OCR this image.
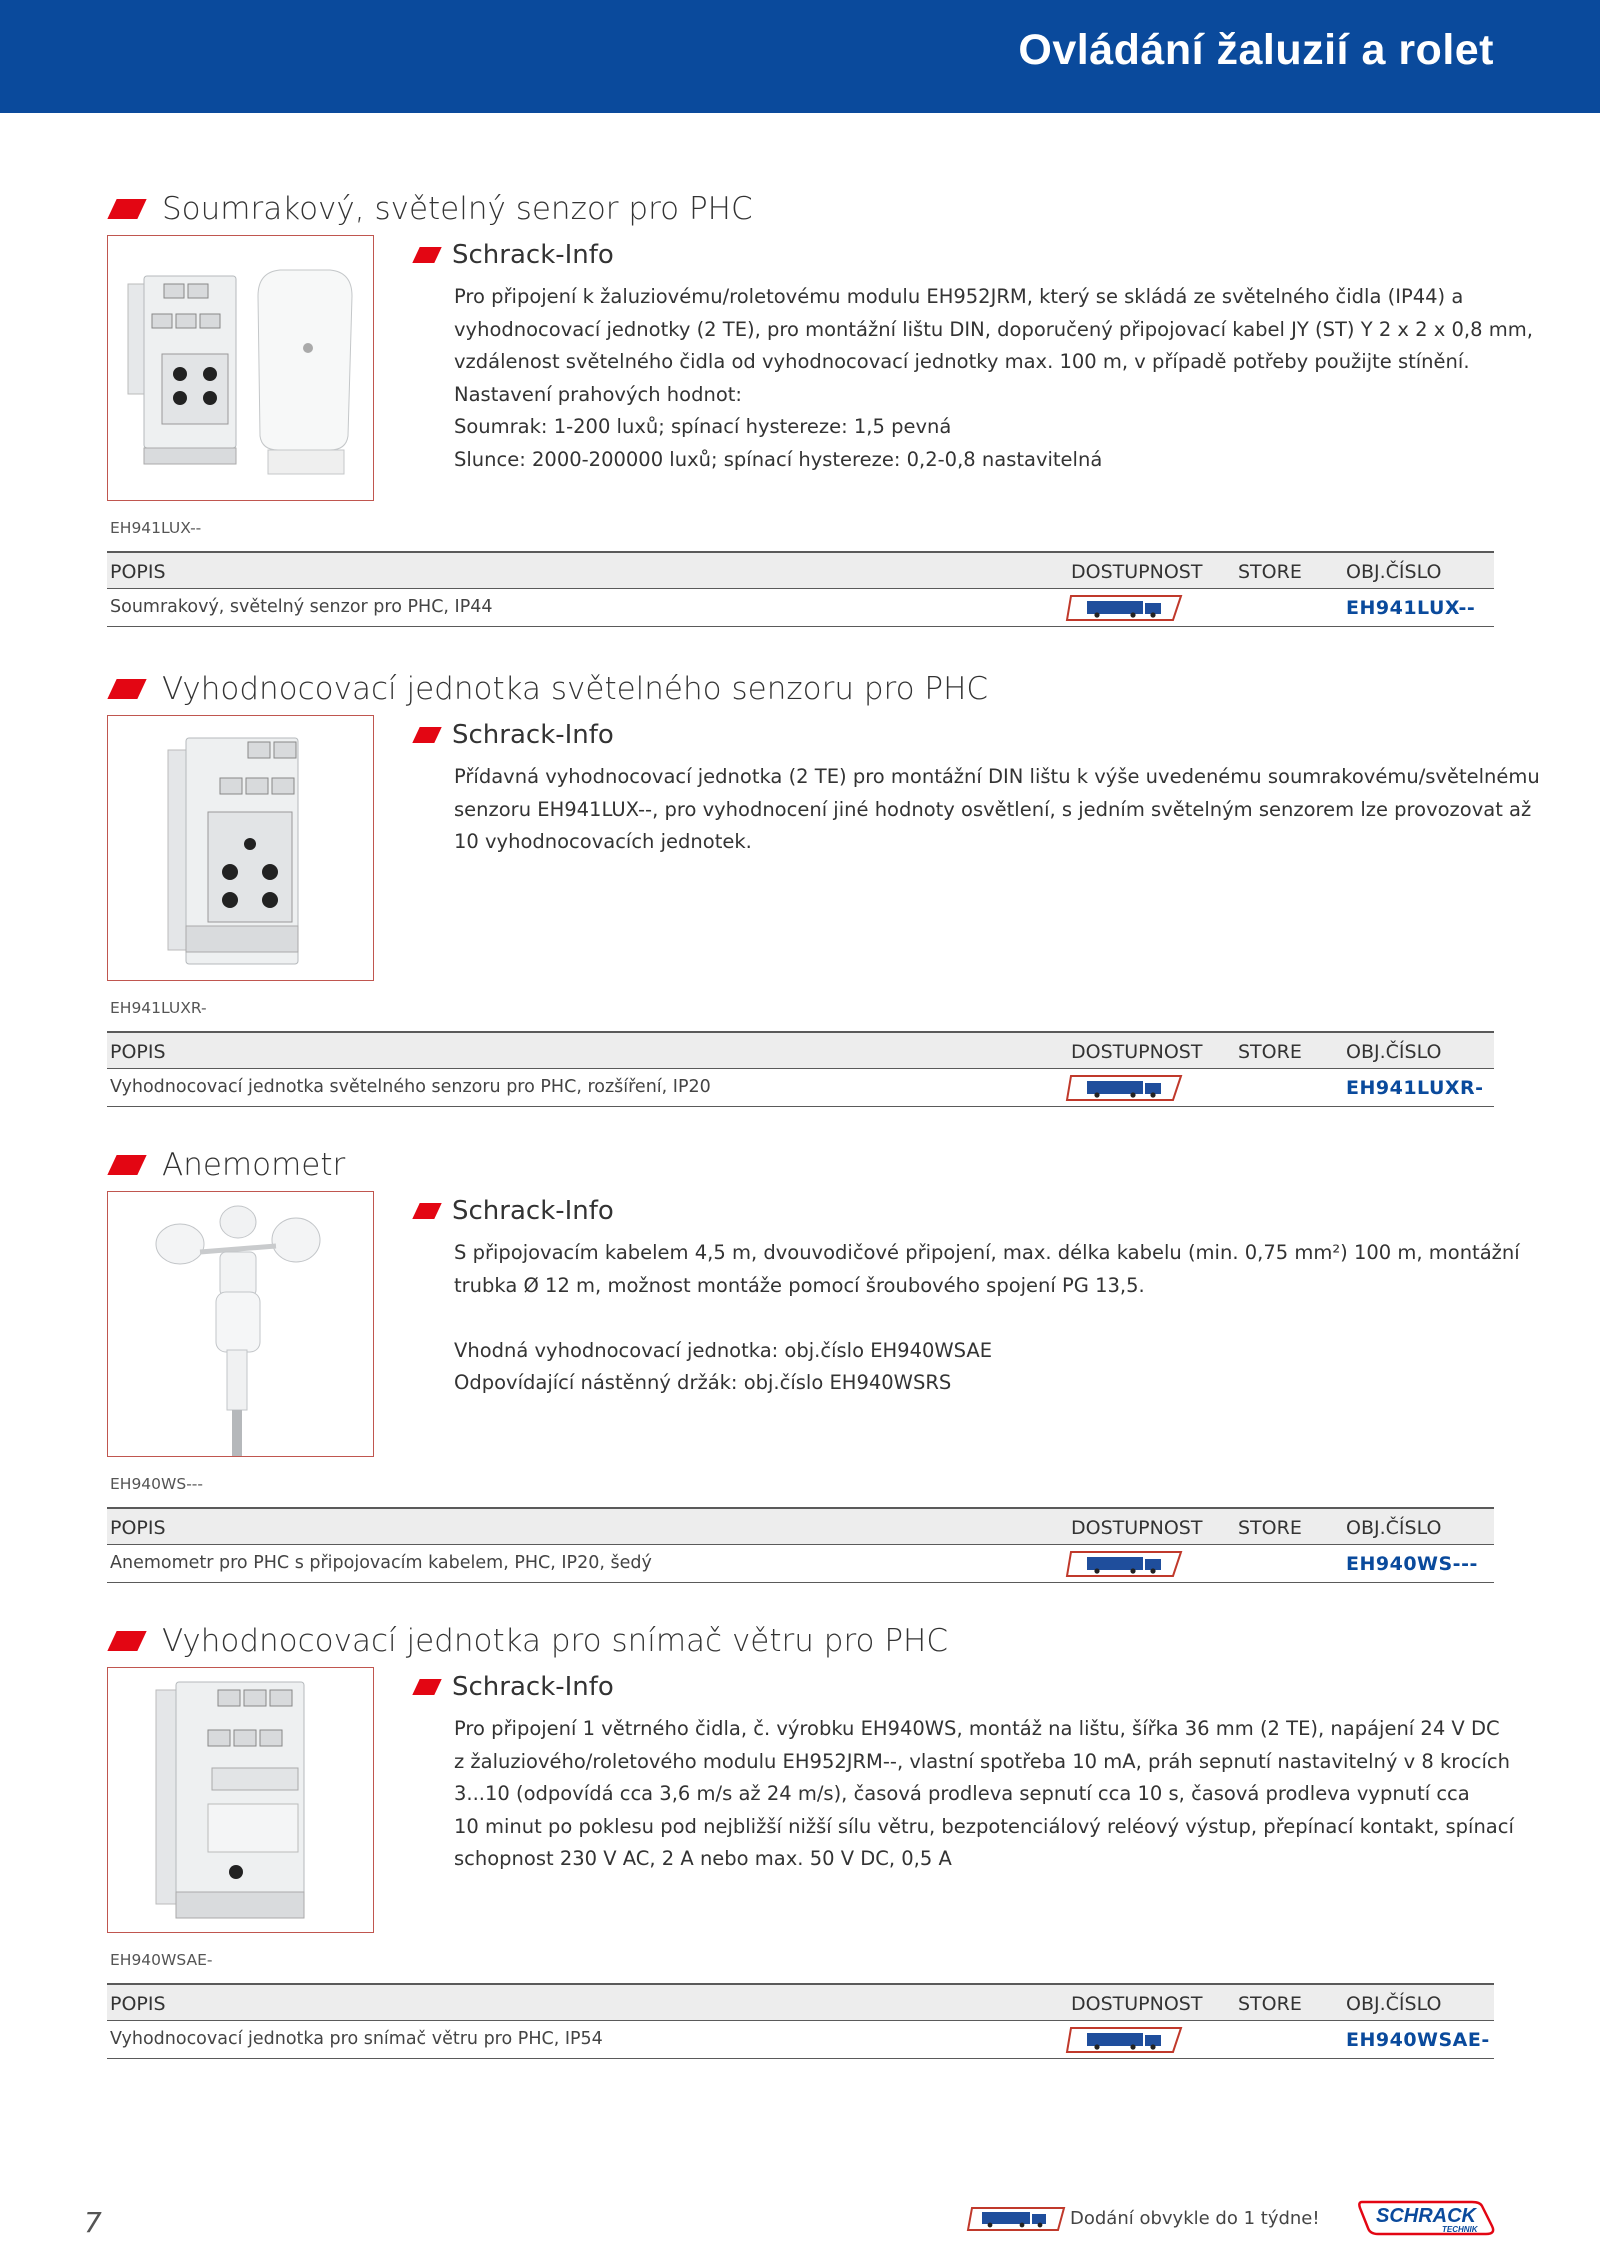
Ovládání žaluzií a rolet
Soumrakový, světelný senzor pro PHC
Schrack-Info
Pro připojení k žaluziovému/roletovému modulu EH952JRM, který se skládá ze světelného čidla (IP44) a
vyhodnocovací jednotky (2 TE), pro montážní lištu DIN, doporučený připojovací kabel JY (ST) Y 2 x 2 x 0,8 mm,
vzdálenost světelného čidla od vyhodnocovací jednotky max. 100 m, v případě potřeby použijte stínění.
Nastavení prahových hodnot:
Soumrak: 1-200 luxů; spínací hystereze: 1,5 pevná
Slunce: 2000-200000 luxů; spínací hystereze: 0,2-0,8 nastavitelná
EH941LUX--
POPIS	DOSTUPNOST STORE OBJ.ČÍSLO
Soumrakový, světelný senzor pro PHC, IP44	EH941LUX--
Vyhodnocovací jednotka světelného senzoru pro PHC
Schrack-Info
Přídavná vyhodnocovací jednotka (2 TE) pro montážní DIN lištu k výše uvedenému soumrakovému/světelnému
senzoru EH941LUX--, pro vyhodnocení jiné hodnoty osvětlení, s jedním světelným senzorem lze provozovat až
10 vyhodnocovacích jednotek.
EH941LUXR-
POPIS	DOSTUPNOST STORE OBJ.ČÍSLO
Vyhodnocovací jednotka světelného senzoru pro PHC, rozšíření, IP20	EH941LUXR-
Anemometr
Schrack-Info
S připojovacím kabelem 4,5 m, dvouvodičové připojení, max. délka kabelu (min. 0,75 mm²) 100 m, montážní
trubka Ø 12 m, možnost montáže pomocí šroubového spojení PG 13,5.
Vhodná vyhodnocovací jednotka: obj.číslo EH940WSAE
Odpovídající nástěnný držák: obj.číslo EH940WSRS
EH940WS---
POPIS	DOSTUPNOST STORE OBJ.ČÍSLO
Anemometr pro PHC s připojovacím kabelem, PHC, IP20, šedý	EH940WS---
Vyhodnocovací jednotka pro snímač větru pro PHC
Schrack-Info
Pro připojení 1 větrného čidla, č. výrobku EH940WS, montáž na lištu, šířka 36 mm (2 TE), napájení 24 V DC
z žaluziového/roletového modulu EH952JRM--, vlastní spotřeba 10 mA, práh sepnutí nastavitelný v 8 krocích
3...10 (odpovídá cca 3,6 m/s až 24 m/s), časová prodleva sepnutí cca 10 s, časová prodleva vypnutí cca
10 minut po poklesu pod nejbližší nižší sílu větru, bezpotenciálový reléový výstup, přepínací kontakt, spínací
schopnost 230 V AC, 2 A nebo max. 50 V DC, 0,5 A
EH940WSAE-
POPIS	DOSTUPNOST STORE OBJ.ČÍSLO
Vyhodnocovací jednotka pro snímač větru pro PHC, IP54	EH940WSAE-
7	Dodání obvykle do 1 týdne!	SCHRACK
TECHNIK
